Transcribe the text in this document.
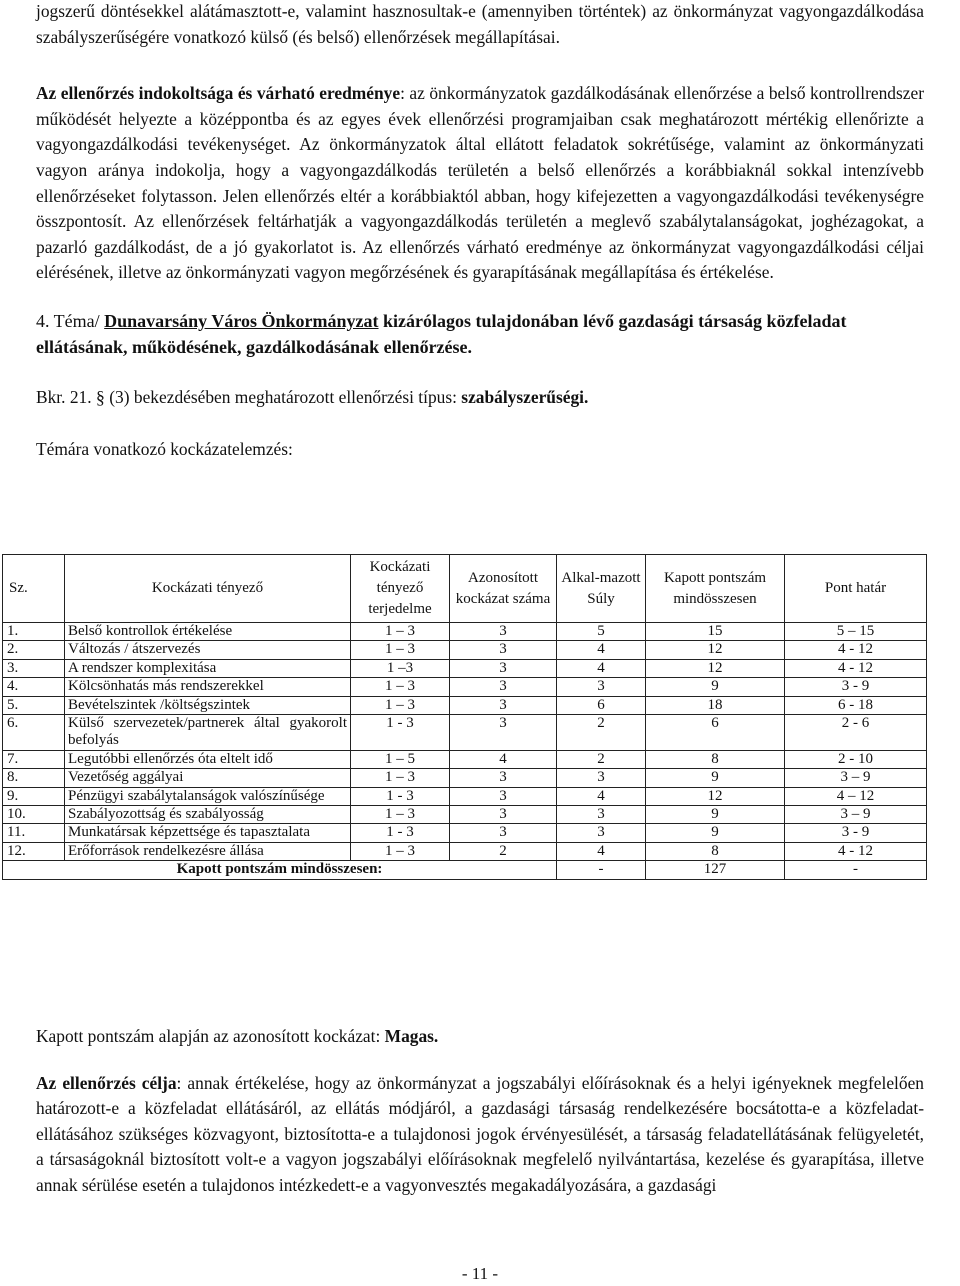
jogszerű döntésekkel alátámasztott-e, valamint hasznosultak-e (amennyiben történtek) az önkormányzat vagyongazdálkodása szabályszerűségére vonatkozó külső (és belső) ellenőrzések megállapításai.

Az ellenőrzés indokoltsága és várható eredménye: az önkormányzatok gazdálkodásának ellenőrzése a belső kontrollrendszer működését helyezte a középpontba és az egyes évek ellenőrzési programjaiban csak meghatározott mértékig ellenőrizte a vagyongazdálkodási tevékenységet. Az önkormányzatok által ellátott feladatok sokrétűsége, valamint az önkormányzati vagyon aránya indokolja, hogy a vagyongazdálkodás területén a belső ellenőrzés a korábbiaknál sokkal intenzívebb ellenőrzéseket folytasson. Jelen ellenőrzés eltér a korábbiaktól abban, hogy kifejezetten a vagyongazdálkodási tevékenységre összpontosít. Az ellenőrzések feltárhatják a vagyongazdálkodás területén a meglevő szabálytalanságokat, joghézagokat, a pazarló gazdálkodást, de a jó gyakorlatot is. Az ellenőrzés várható eredménye az önkormányzat vagyongazdálkodási céljai elérésének, illetve az önkormányzati vagyon megőrzésének és gyarapításának megállapítása és értékelése.

4. Téma/ Dunavarsány Város Önkormányzat kizárólagos tulajdonában lévő gazdasági társaság közfeladat ellátásának, működésének, gazdálkodásának ellenőrzése.

Bkr. 21. § (3) bekezdésében meghatározott ellenőrzési típus: szabályszerűségi.

Témára vonatkozó kockázatelemzés:

Sz.	Kockázati tényező	Kockázati tényező terjedelme	Azonosított kockázat száma	Alkal-mazott Súly	Kapott pontszám mindösszesen	Pont határ
1.	Belső kontrollok értékelése	1 – 3	3	5	15	5 – 15
2.	Változás / átszervezés	1 – 3	3	4	12	4 - 12
3.	A rendszer komplexitása	1 –3	3	4	12	4 - 12
4.	Kölcsönhatás más rendszerekkel	1 – 3	3	3	9	3 - 9
5.	Bevételszintek /költségszintek	1 – 3	3	6	18	6 - 18
6.	Külső szervezetek/partnerek által gyakorolt befolyás	1 - 3	3	2	6	2 - 6
7.	Legutóbbi ellenőrzés óta eltelt idő	1 – 5	4	2	8	2 - 10
8.	Vezetőség aggályai	1 – 3	3	3	9	3 – 9
9.	Pénzügyi szabálytalanságok valószínűsége	1 - 3	3	4	12	4 – 12
10.	Szabályozottság és szabályosság	1 – 3	3	3	9	3 – 9
11.	Munkatársak képzettsége és tapasztalata	1 - 3	3	3	9	3 - 9
12.	Erőforrások rendelkezésre állása	1 – 3	2	4	8	4 - 12
Kapott pontszám mindösszesen:				-	127	-

Kapott pontszám alapján az azonosított kockázat: Magas.

Az ellenőrzés célja: annak értékelése, hogy az önkormányzat a jogszabályi előírásoknak és a helyi igényeknek megfelelően határozott-e a közfeladat ellátásáról, az ellátás módjáról, a gazdasági társaság rendelkezésére bocsátotta-e a közfeladat-ellátásához szükséges közvagyont, biztosította-e a tulajdonosi jogok érvényesülését, a társaság feladatellátásának felügyeletét, a társaságoknál biztosított volt-e a vagyon jogszabályi előírásoknak megfelelő nyilvántartása, kezelése és gyarapítása, illetve annak sérülése esetén a tulajdonos intézkedett-e a vagyonvesztés megakadályozására, a gazdasági

- 11 -
